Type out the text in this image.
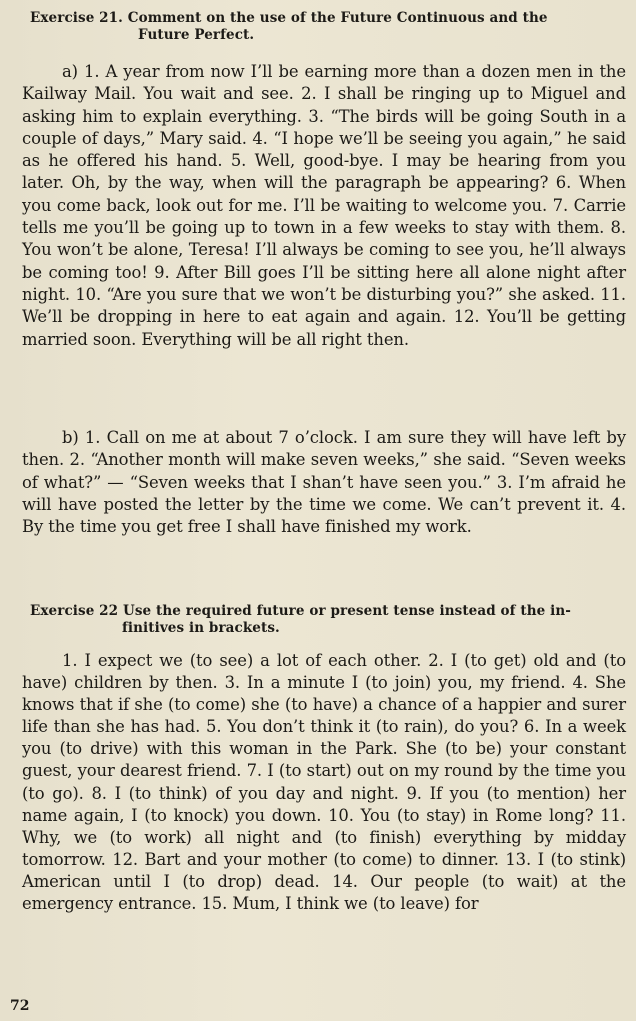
Exercise 21. Comment on the use of the Future Continuous and the
Future Perfect.
a) 1. A year from now I’ll be earning more than a dozen men in the Kailway Mail. You wait and see. 2. I shall be ringing up to Miguel and asking him to explain everything. 3. “The birds will be going South in a couple of days,” Mary said. 4. “I hope we’ll be seeing you again,” he said as he offered his hand. 5. Well, good-bye. I may be hearing from you later. Oh, by the way, when will the paragraph be appearing? 6. When you come back, look out for me. I’ll be waiting to welcome you. 7. Carrie tells me you’ll be going up to town in a few weeks to stay with them. 8. You won’t be alone, Teresa! I’ll always be coming to see you, he’ll always be coming too! 9. After Bill goes I’ll be sitting here all alone night after night. 10. “Are you sure that we won’t be disturbing you?” she asked. 11. We’ll be dropping in here to eat again and again. 12. You’ll be getting married soon. Everything will be all right then.
b) 1. Call on me at about 7 o’clock. I am sure they will have left by then. 2. “Another month will make seven weeks,” she said. “Seven weeks of what?” — “Seven weeks that I shan’t have seen you.” 3. I’m afraid he will have posted the letter by the time we come. We can’t prevent it. 4. By the time you get free I shall have finished my work.
Exercise 22 Use the required future or present tense instead of the in-
finitives in brackets.
1. I expect we (to see) a lot of each other. 2. I (to get) old and (to have) children by then. 3. In a minute I (to join) you, my friend. 4. She knows that if she (to come) she (to have) a chance of a happier and surer life than she has had. 5. You don’t think it (to rain), do you? 6. In a week you (to drive) with this woman in the Park. She (to be) your constant guest, your dearest friend. 7. I (to start) out on my round by the time you (to go). 8. I (to think) of you day and night. 9. If you (to mention) her name again, I (to knock) you down. 10. You (to stay) in Rome long? 11. Why, we (to work) all night and (to finish) everything by midday tomorrow. 12. Bart and your mother (to come) to dinner. 13. I (to stink) American until I (to drop) dead. 14. Our people (to wait) at the emergency entrance. 15. Mum, I think we (to leave) for
72
